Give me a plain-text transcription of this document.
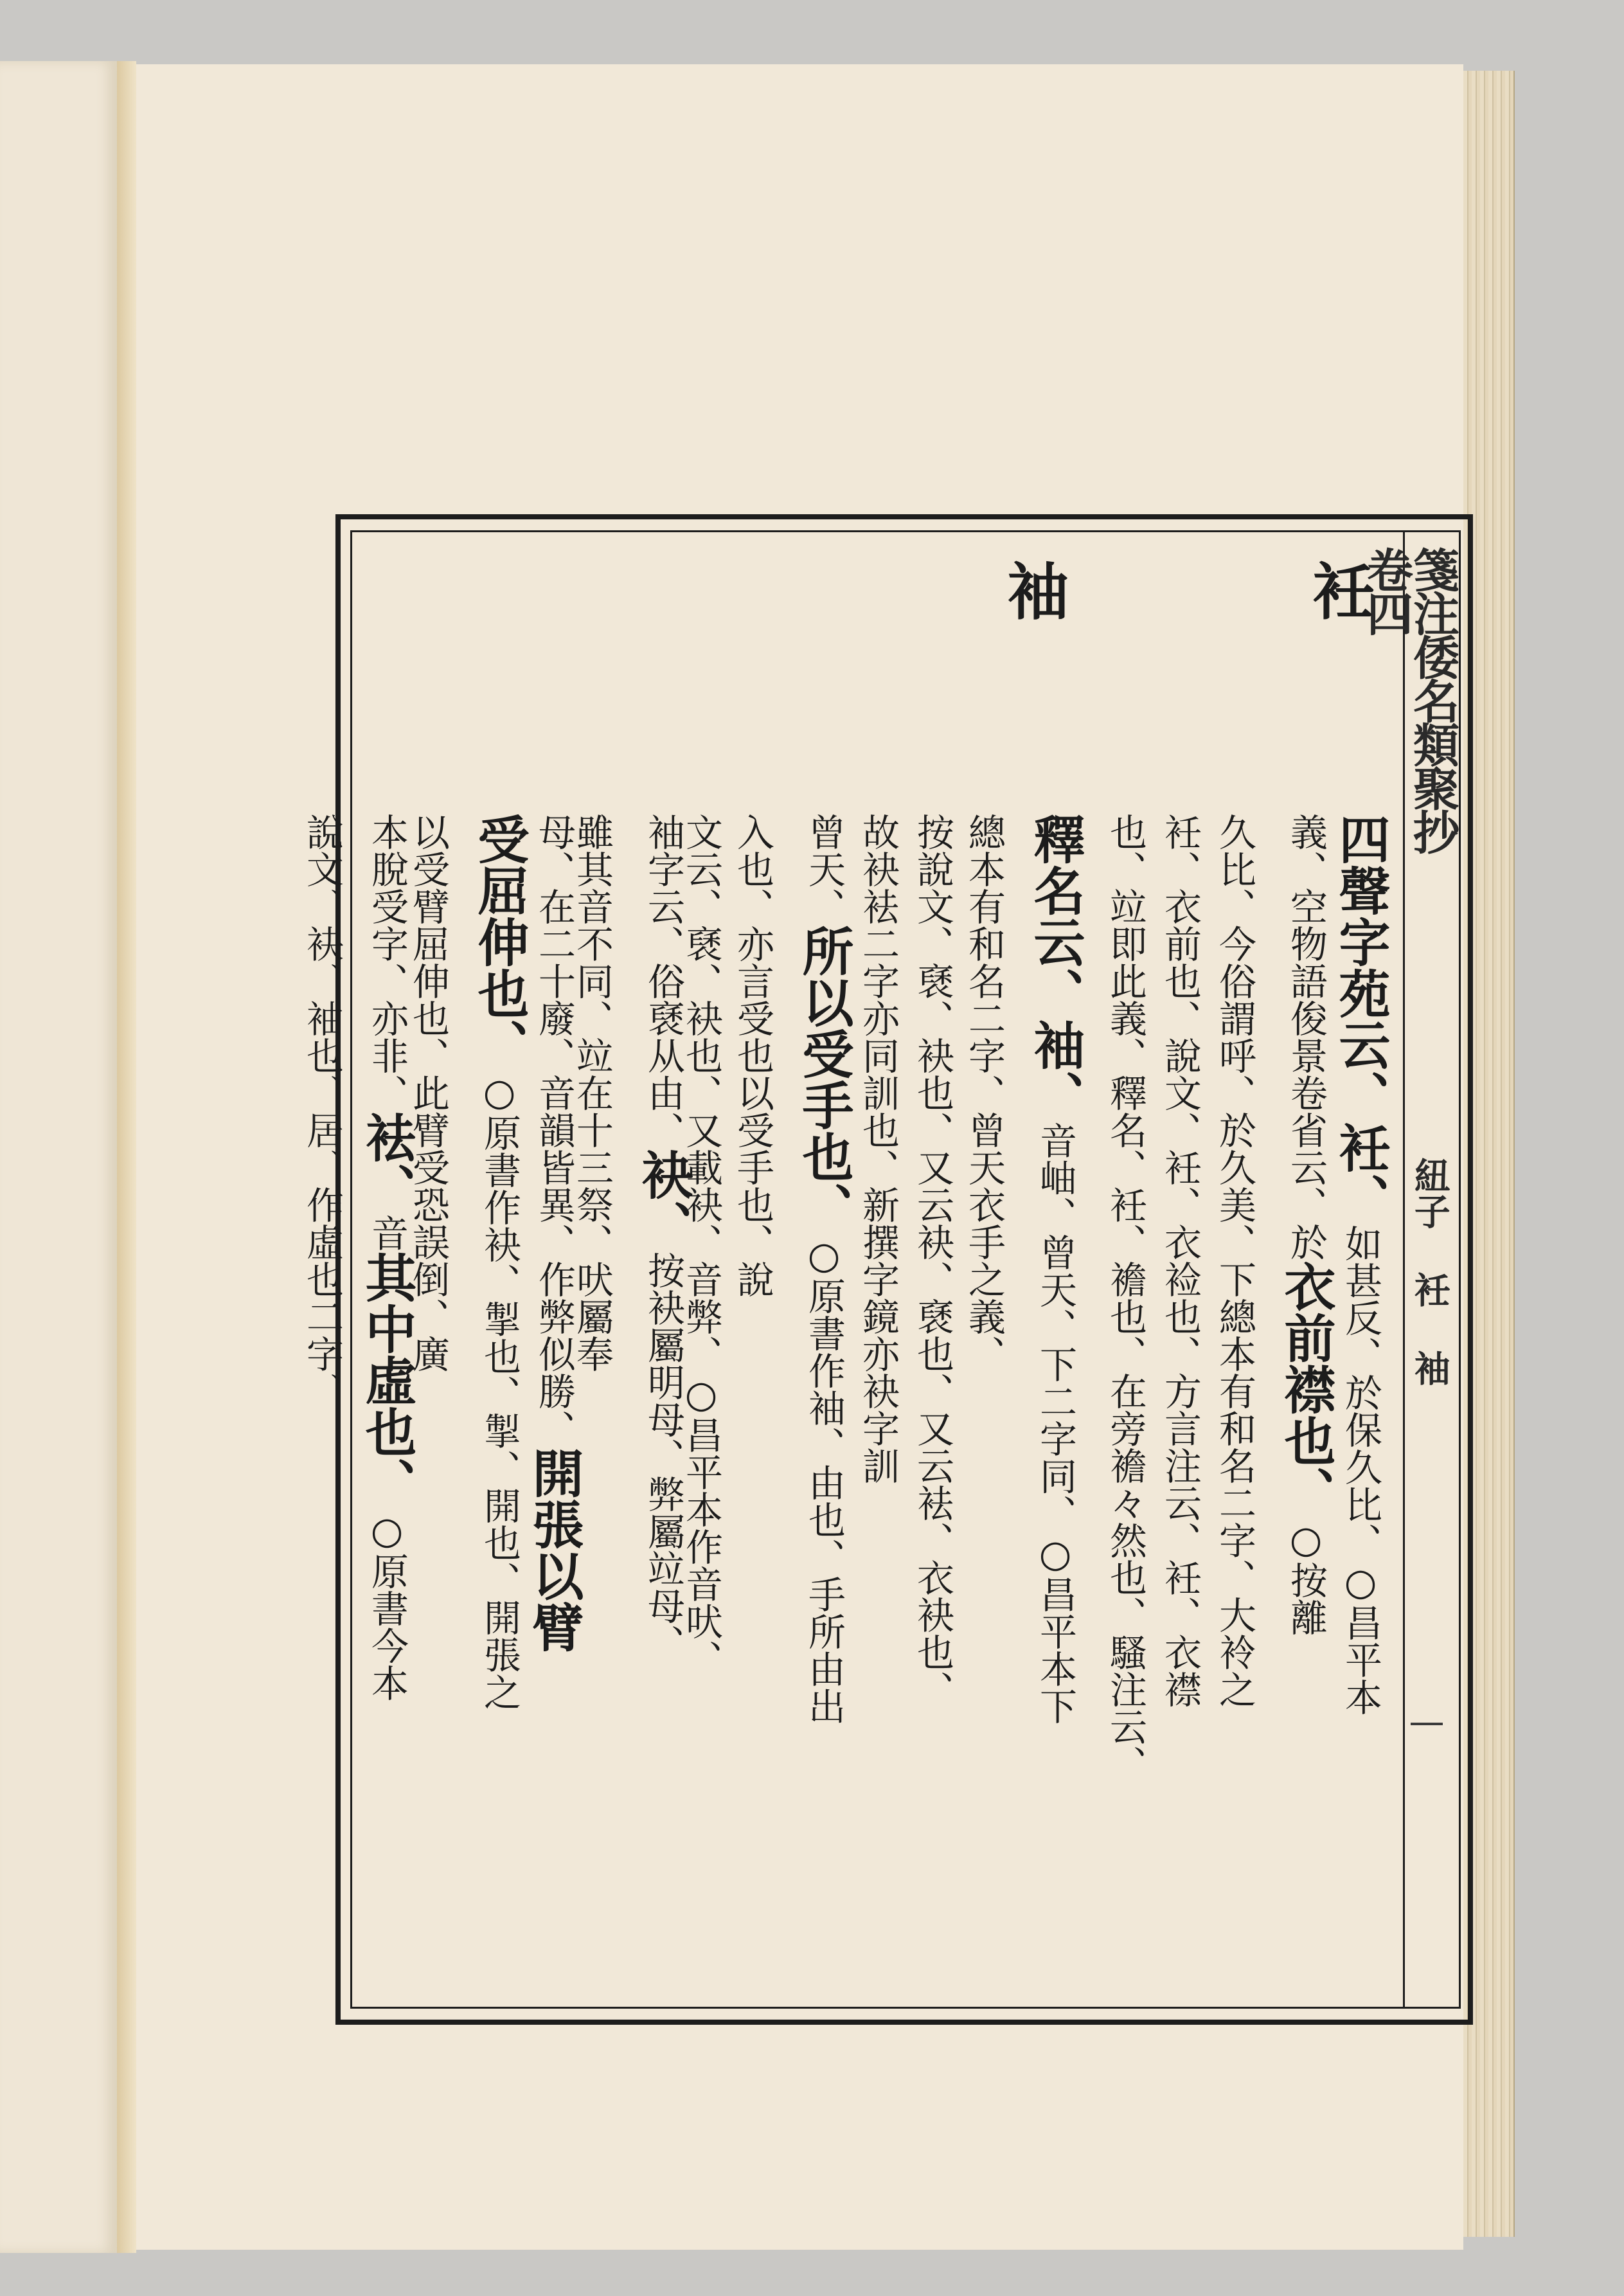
箋注倭名類聚抄 卷四
紐子 衽 袖
衽
袖
四聲字苑云、衽、如甚反、於保久比、○昌平本
義、空物語俊景卷省云、於衣前襟也、○按離
久比、今俗謂呼、於久美、下總本有和名二字、大袊之
衽、衣前也、說文、衽、衣裣也、方言注云、衽、衣襟
也、竝即此義、釋名、衽、襜也、在旁襜々然也、騷注云、
釋名云、袖、音岫、曾天、下二字同、○昌平本下
總本有和名二字、曾天衣手之義、
按說文、褎、袂也、又云袂、褎也、又云袪、衣袂也、
故袂袪二字亦同訓也、新撰字鏡亦袂字訓
曾天、所以受手也、○原書作袖、由也、手所由出
入也、亦言受也以受手也、說
文云、褎、袂也、又載袂、音弊、○昌平本作音吠、
袖字云、俗褎从由、袂、按袂屬明母、弊屬竝母、
雖其音不同、竝在十三祭、吠屬奉
母、在二十廢、音韻皆異、作弊似勝、開張以臂
受屈伸也、○原書作袂、掣也、掣、開也、開張之
以受臂屈伸也、此臂受恐誤倒、廣
本脫受字、亦非、袪、音其中虛也、○原書今本
說文、袂、袖也、居、作虛也二字、
